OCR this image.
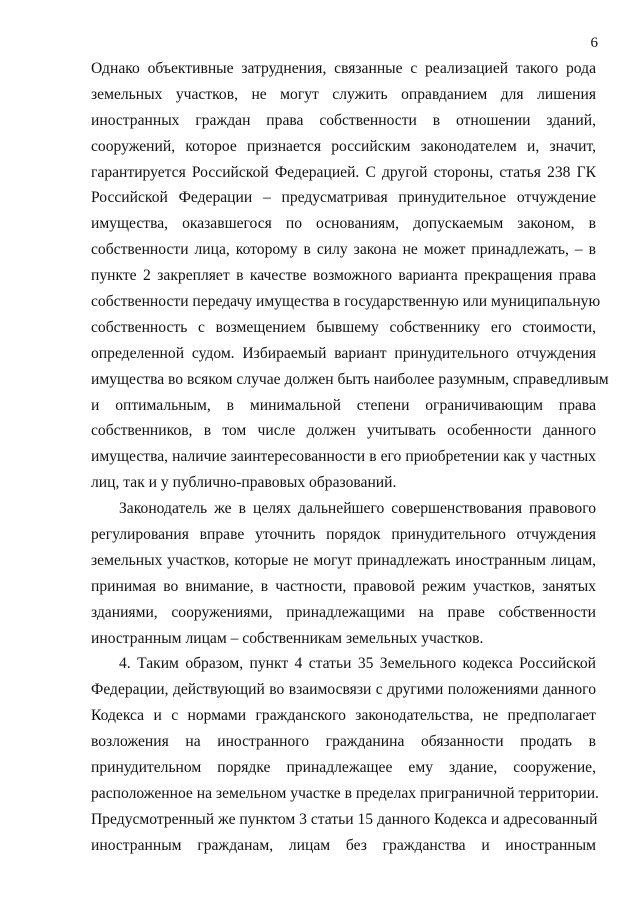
6
Однако объективные затруднения, связанные с реализацией такого рода
земельных участков, не могут служить оправданием для лишения
иностранных граждан права собственности в отношении зданий,
сооружений, которое признается российским законодателем и, значит,
гарантируется Российской Федерацией. С другой стороны, статья 238 ГК
Российской Федерации – предусматривая принудительное отчуждение
имущества, оказавшегося по основаниям, допускаемым законом, в
собственности лица, которому в силу закона не может принадлежать, – в
пункте 2 закрепляет в качестве возможного варианта прекращения права
собственности передачу имущества в государственную или муниципальную
собственность с возмещением бывшему собственнику его стоимости,
определенной судом. Избираемый вариант принудительного отчуждения
имущества во всяком случае должен быть наиболее разумным, справедливым
и оптимальным, в минимальной степени ограничивающим права
собственников, в том числе должен учитывать особенности данного
имущества, наличие заинтересованности в его приобретении как у частных
лиц, так и у публично-правовых образований.
Законодатель же в целях дальнейшего совершенствования правового
регулирования вправе уточнить порядок принудительного отчуждения
земельных участков, которые не могут принадлежать иностранным лицам,
принимая во внимание, в частности, правовой режим участков, занятых
зданиями, сооружениями, принадлежащими на праве собственности
иностранным лицам – собственникам земельных участков.
4. Таким образом, пункт 4 статьи 35 Земельного кодекса Российской
Федерации, действующий во взаимосвязи с другими положениями данного
Кодекса и с нормами гражданского законодательства, не предполагает
возложения на иностранного гражданина обязанности продать в
принудительном порядке принадлежащее ему здание, сооружение,
расположенное на земельном участке в пределах приграничной территории.
Предусмотренный же пунктом 3 статьи 15 данного Кодекса и адресованный
иностранным гражданам, лицам без гражданства и иностранным
